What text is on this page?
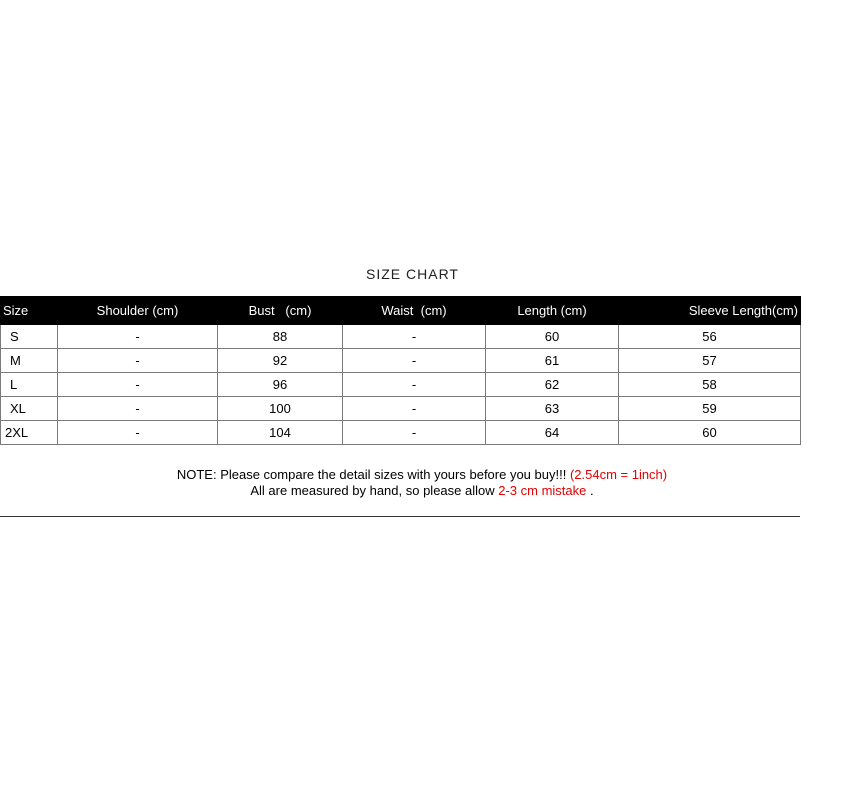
SIZE CHART
Size	Shoulder (cm)	Bust   (cm)	Waist  (cm)	Length (cm)	Sleeve Length(cm)
S	-	88	-	60	56
M	-	92	-	61	57
L	-	96	-	62	58
XL	-	100	-	63	59
2XL	-	104	-	64	60
NOTE: Please compare the detail sizes with yours before you buy!!! (2.54cm = 1inch)
All are measured by hand, so please allow 2-3 cm mistake .
